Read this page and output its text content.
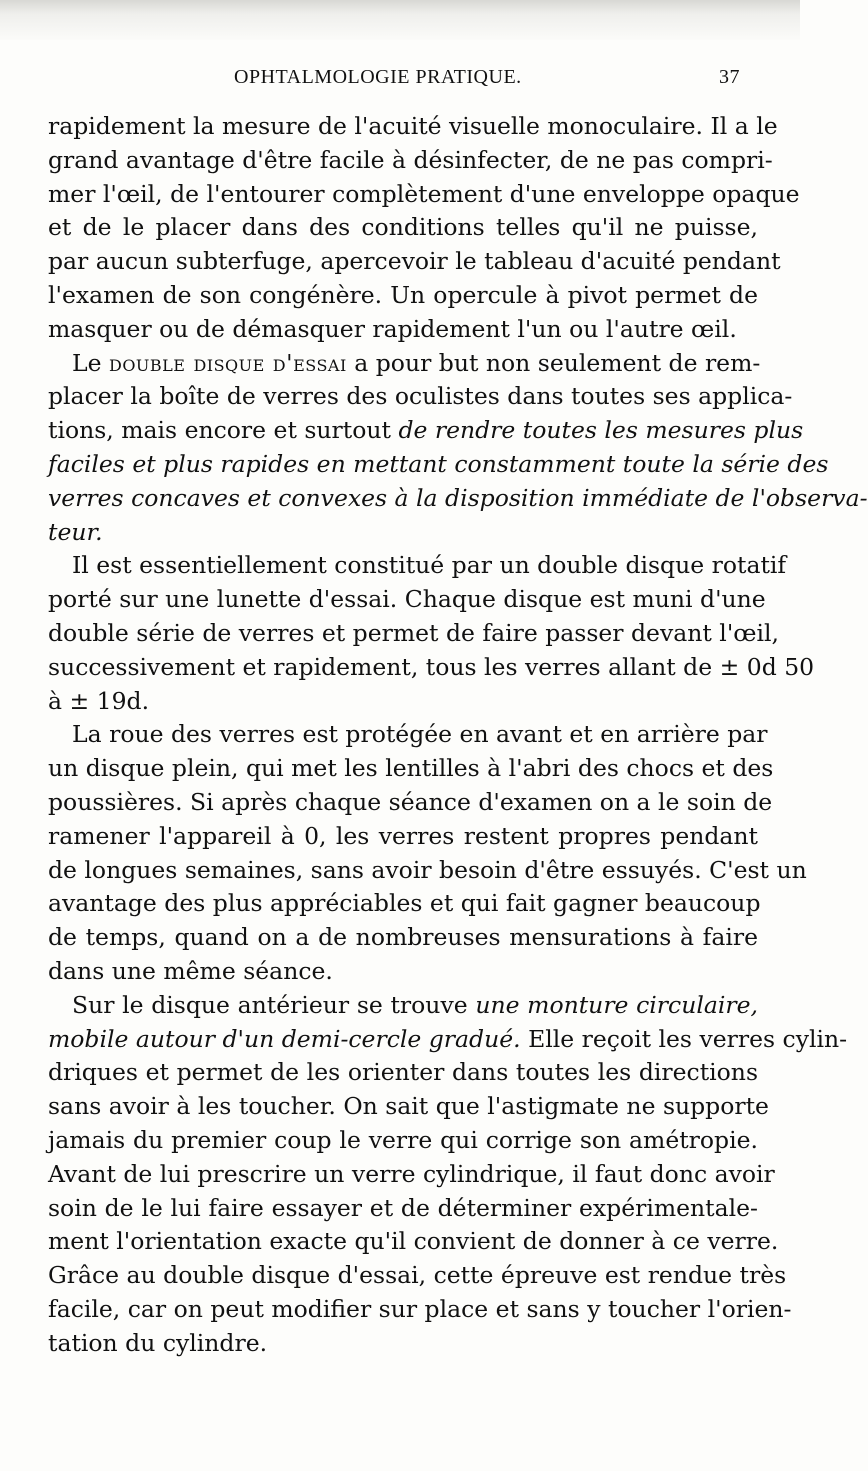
OPHTALMOLOGIE PRATIQUE.	37
rapidement la mesure de l'acuité visuelle monoculaire. Il a le
grand avantage d'être facile à désinfecter, de ne pas compri-
mer l'œil, de l'entourer complètement d'une enveloppe opaque
et de le placer dans des conditions telles qu'il ne puisse,
par aucun subterfuge, apercevoir le tableau d'acuité pendant
l'examen de son congénère. Un opercule à pivot permet de
masquer ou de démasquer rapidement l'un ou l'autre œil.
Le double disque d'essai a pour but non seulement de rem-
placer la boîte de verres des oculistes dans toutes ses applica-
tions, mais encore et surtout de rendre toutes les mesures plus
faciles et plus rapides en mettant constamment toute la série des
verres concaves et convexes à la disposition immédiate de l'observa-
teur.
Il est essentiellement constitué par un double disque rotatif
porté sur une lunette d'essai. Chaque disque est muni d'une
double série de verres et permet de faire passer devant l'œil,
successivement et rapidement, tous les verres allant de ± 0d 50
à ± 19d.
La roue des verres est protégée en avant et en arrière par
un disque plein, qui met les lentilles à l'abri des chocs et des
poussières. Si après chaque séance d'examen on a le soin de
ramener l'appareil à 0, les verres restent propres pendant
de longues semaines, sans avoir besoin d'être essuyés. C'est un
avantage des plus appréciables et qui fait gagner beaucoup
de temps, quand on a de nombreuses mensurations à faire
dans une même séance.
Sur le disque antérieur se trouve une monture circulaire,
mobile autour d'un demi-cercle gradué. Elle reçoit les verres cylin-
driques et permet de les orienter dans toutes les directions
sans avoir à les toucher. On sait que l'astigmate ne supporte
jamais du premier coup le verre qui corrige son amétropie.
Avant de lui prescrire un verre cylindrique, il faut donc avoir
soin de le lui faire essayer et de déterminer expérimentale-
ment l'orientation exacte qu'il convient de donner à ce verre.
Grâce au double disque d'essai, cette épreuve est rendue très
facile, car on peut modifier sur place et sans y toucher l'orien-
tation du cylindre.
